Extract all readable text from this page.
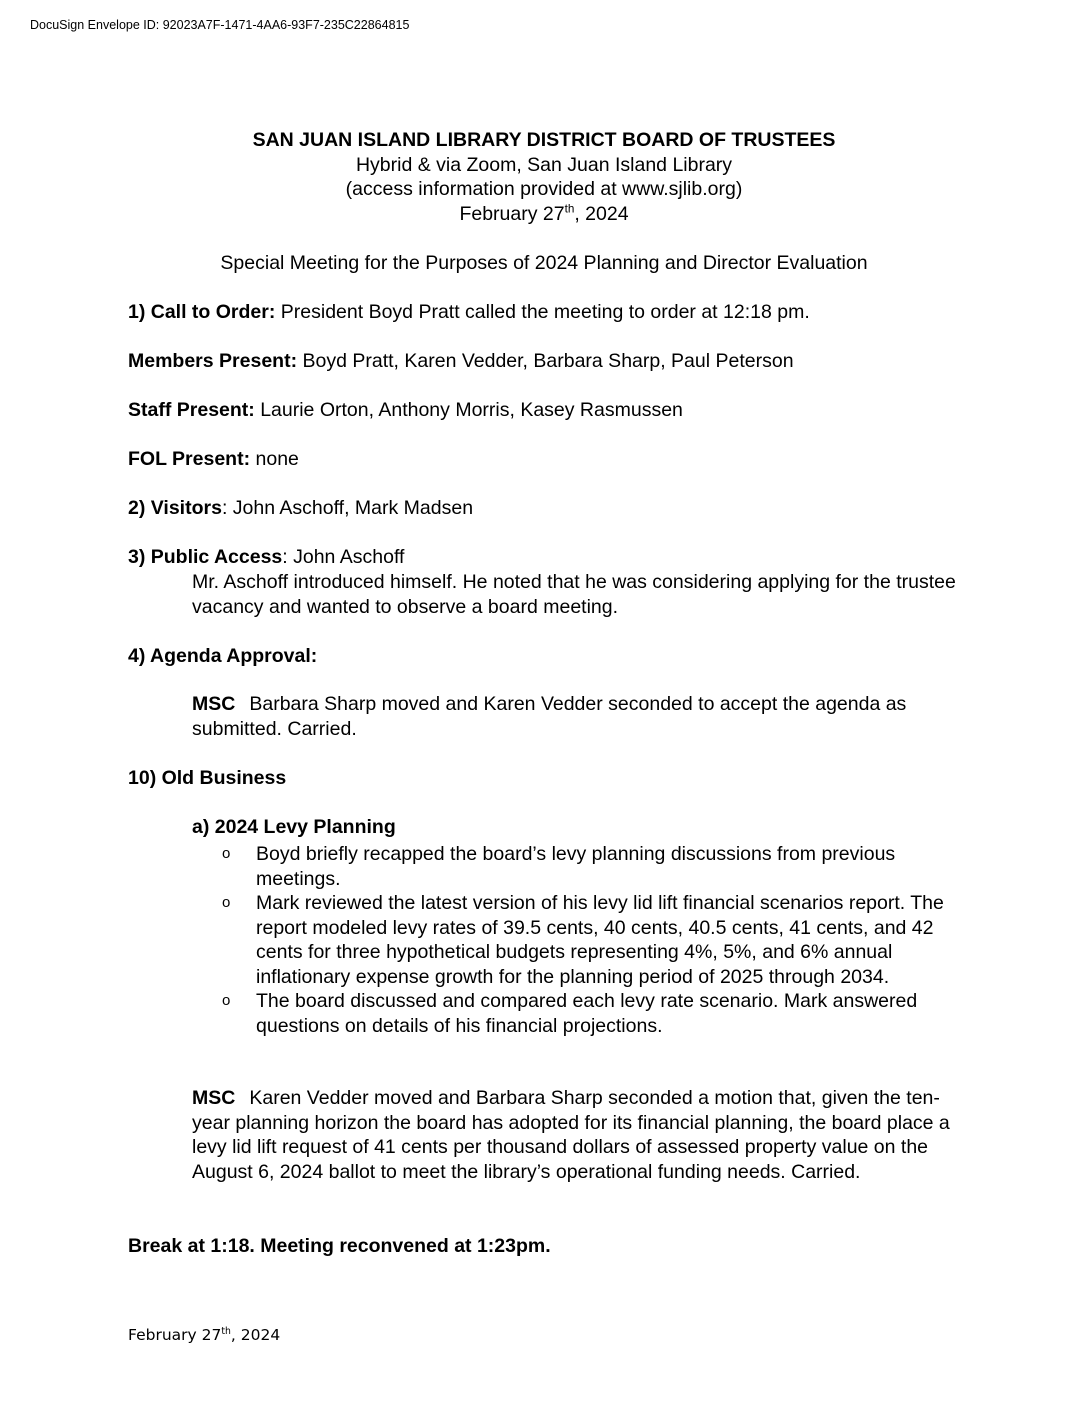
DocuSign Envelope ID: 92023A7F-1471-4AA6-93F7-235C22864815
SAN JUAN ISLAND LIBRARY DISTRICT BOARD OF TRUSTEES
Hybrid & via Zoom, San Juan Island Library
(access information provided at www.sjlib.org)
February 27th, 2024
Special Meeting for the Purposes of 2024 Planning and Director Evaluation
1) Call to Order: President Boyd Pratt called the meeting to order at 12:18 pm.
Members Present: Boyd Pratt, Karen Vedder, Barbara Sharp, Paul Peterson
Staff Present: Laurie Orton, Anthony Morris, Kasey Rasmussen
FOL Present: none
2) Visitors: John Aschoff, Mark Madsen
3) Public Access: John Aschoff
Mr. Aschoff introduced himself. He noted that he was considering applying for the trustee vacancy and wanted to observe a board meeting.
4) Agenda Approval:
MSC Barbara Sharp moved and Karen Vedder seconded to accept the agenda as submitted. Carried.
10) Old Business
a) 2024 Levy Planning
o Boyd briefly recapped the board’s levy planning discussions from previous meetings.
o Mark reviewed the latest version of his levy lid lift financial scenarios report. The report modeled levy rates of 39.5 cents, 40 cents, 40.5 cents, 41 cents, and 42 cents for three hypothetical budgets representing 4%, 5%, and 6% annual inflationary expense growth for the planning period of 2025 through 2034.
o The board discussed and compared each levy rate scenario. Mark answered questions on details of his financial projections.
MSC Karen Vedder moved and Barbara Sharp seconded a motion that, given the ten-year planning horizon the board has adopted for its financial planning, the board place a levy lid lift request of 41 cents per thousand dollars of assessed property value on the August 6, 2024 ballot to meet the library’s operational funding needs. Carried.
Break at 1:18. Meeting reconvened at 1:23pm.
February 27th, 2024
